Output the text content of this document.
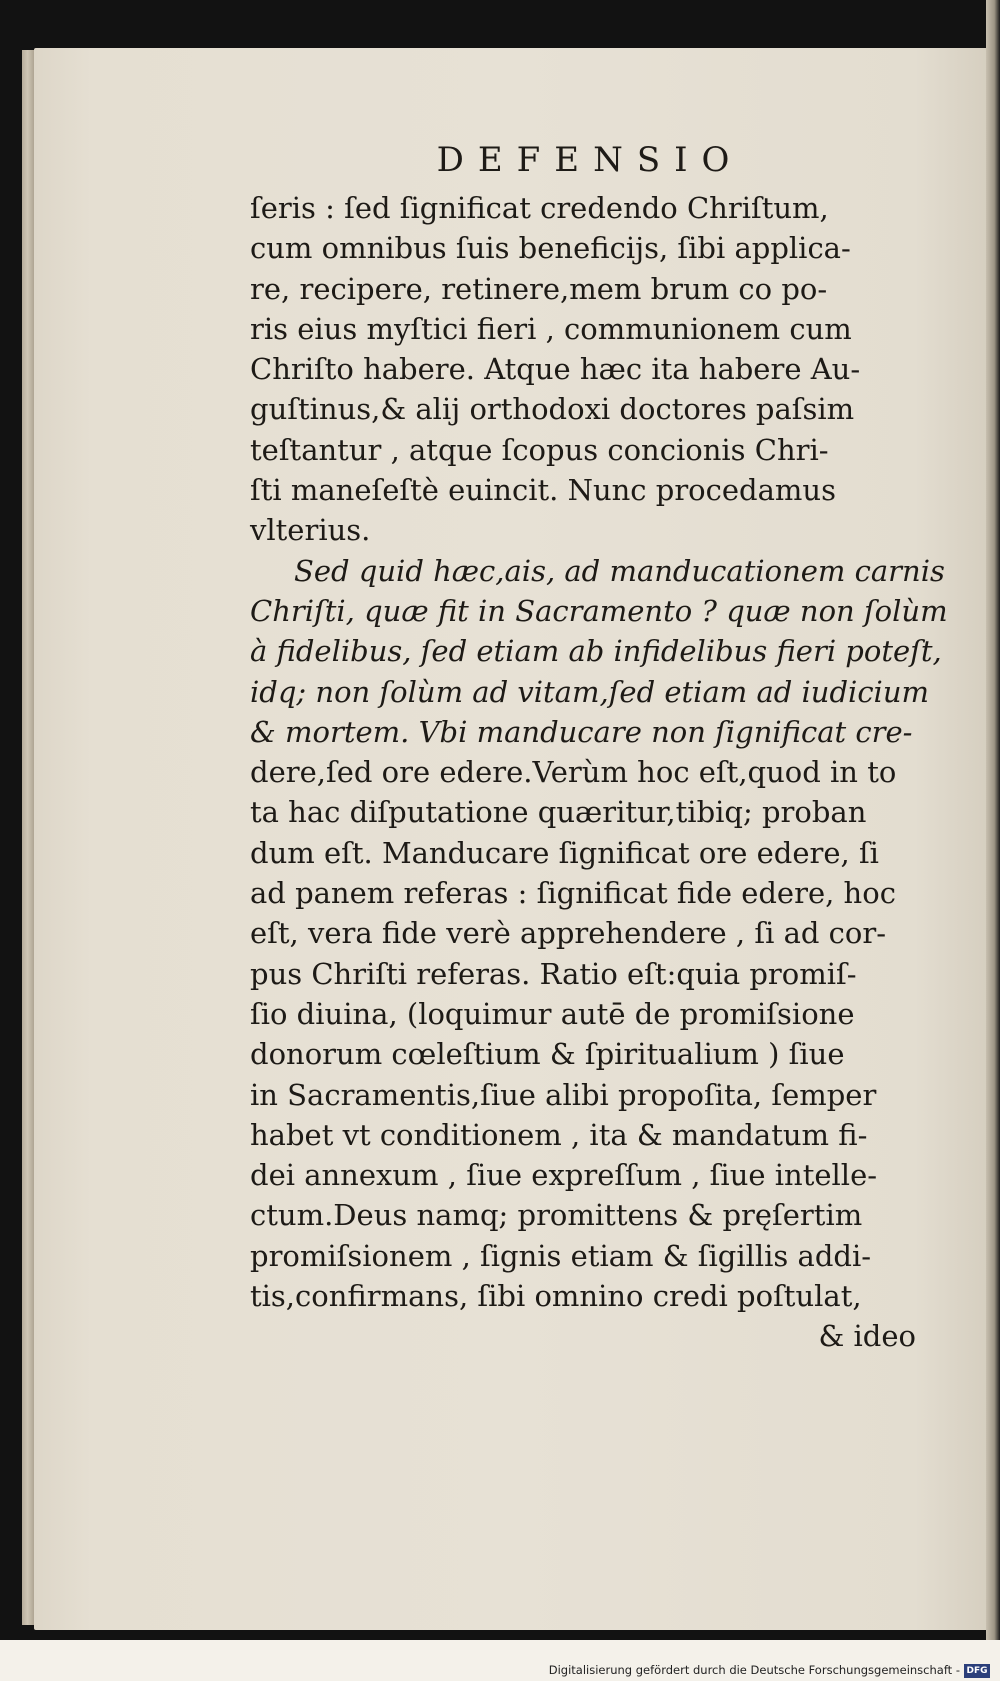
DEFENSIO
ſeris : ſed ſignificat credendo Chriſtum,
cum omnibus ſuis beneficijs, ſibi applica-
re, recipere, retinere,mem brum co po-
ris eius myſtici fieri , communionem cum
Chriſto habere. Atque hæc ita habere Au-
guſtinus,& alij orthodoxi doctores paſsim
teſtantur , atque ſcopus concionis Chri-
ſti maneſeſtè euincit. Nunc procedamus
vlterius.
Sed quid hæc,ais, ad manducationem carnis
Chriſti, quæ fit in Sacramento ? quæ non ſolùm
à fidelibus, ſed etiam ab infidelibus fieri poteſt,
idq; non ſolùm ad vitam,ſed etiam ad iudicium
& mortem. Vbi manducare non ſignificat cre-
dere,ſed ore edere.Verùm hoc eſt,quod in to
ta hac diſputatione quæritur,tibiq; proban
dum eſt. Manducare ſignificat ore edere, ſi
ad panem referas : ſignificat fide edere, hoc
eſt, vera fide verè apprehendere , ſi ad cor-
pus Chriſti referas. Ratio eſt:quia promiſ-
ſio diuina, (loquimur autē de promiſsione
donorum cœleſtium & ſpiritualium ) ſiue
in Sacramentis,ſiue alibi propoſita, ſemper
habet vt conditionem , ita & mandatum fi-
dei annexum , ſiue expreſſum , ſiue intelle-
ctum.Deus namq; promittens & pręſertim
promiſsionem , ſignis etiam & ſigillis addi-
tis,confirmans, ſibi omnino credi poſtulat,
& ideo
Digitalisierung gefördert durch die Deutsche Forschungsgemeinschaft - DFG
